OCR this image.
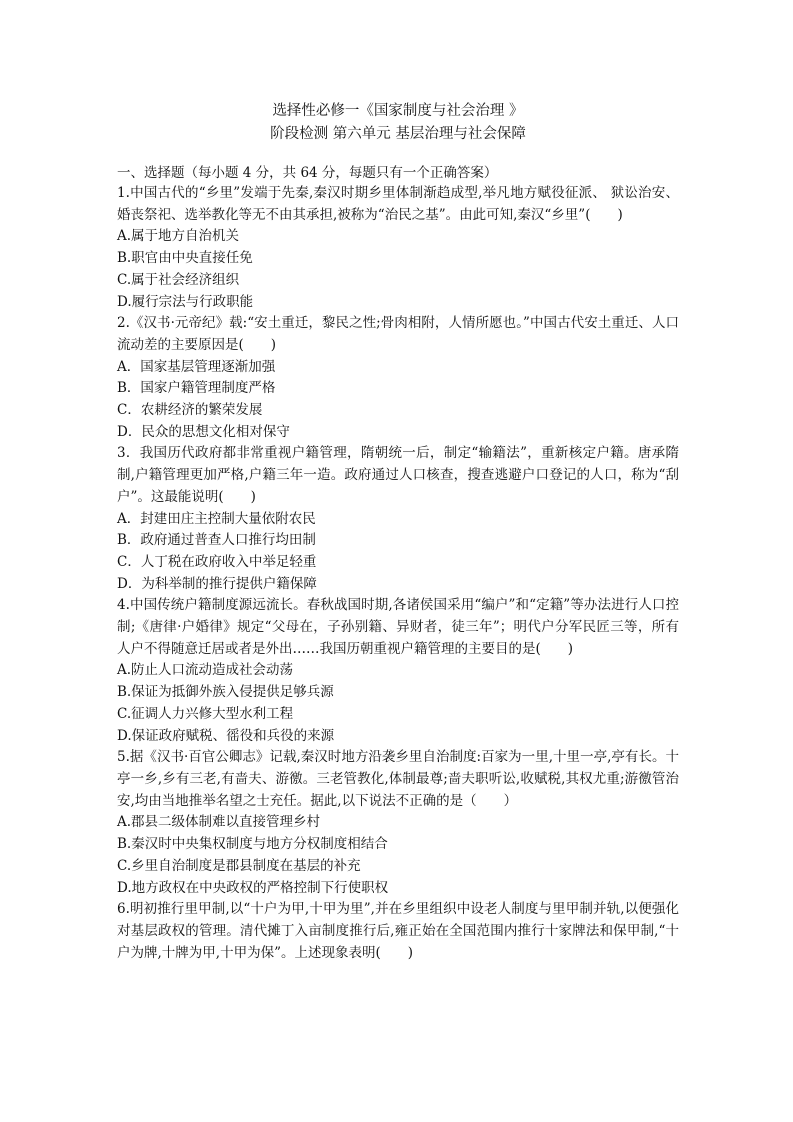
选择性必修一《国家制度与社会治理 》

阶段检测 第六单元 基层治理与社会保障

一、选择题（每小题 4 分，共 64 分，每题只有一个正确答案）

1.中国古代的“乡里”发端于先秦,秦汉时期乡里体制渐趋成型,举凡地方赋役征派、 狱讼治安、 婚丧祭祀、选举教化等无不由其承担,被称为“治民之基”。由此可知,秦汉“乡里”(　　)

A.属于地方自治机关

B.职官由中央直接任免

C.属于社会经济组织

D.履行宗法与行政职能

2.《汉书·元帝纪》载:“安土重迁，黎民之性;骨肉相附，人情所愿也。”中国古代安土重迁、人口流动差的主要原因是(　　)

A．国家基层管理逐渐加强

B．国家户籍管理制度严格

C．农耕经济的繁荣发展

D．民众的思想文化相对保守

3．我国历代政府都非常重视户籍管理，隋朝统一后，制定“输籍法”，重新核定户籍。唐承隋制,户籍管理更加严格,户籍三年一造。政府通过人口核查，搜查逃避户口登记的人口，称为“刮户”。这最能说明(　　)

A．封建田庄主控制大量依附农民

B．政府通过普查人口推行均田制

C．人丁税在政府收入中举足轻重

D．为科举制的推行提供户籍保障

4.中国传统户籍制度源远流长。春秋战国时期,各诸侯国采用“编户”和“定籍”等办法进行人口控制;《唐律·户婚律》规定“父母在，子孙别籍、异财者，徒三年”；明代户分军民匠三等，所有人户不得随意迁居或者是外出……我国历朝重视户籍管理的主要目的是(　　)

A.防止人口流动造成社会动荡

B.保证为抵御外族入侵提供足够兵源

C.征调人力兴修大型水利工程

D.保证政府赋税、徭役和兵役的来源

5.据《汉书·百官公卿志》记载,秦汉时地方沿袭乡里自治制度:百家为一里,十里一亭,亭有长。十亭一乡,乡有三老,有啬夫、游徼。三老管教化,体制最尊;啬夫职听讼,收赋税,其权尤重;游徼管治安,均由当地推举名望之士充任。据此,以下说法不正确的是（　　）

A.郡县二级体制难以直接管理乡村

B.秦汉时中央集权制度与地方分权制度相结合

C.乡里自治制度是郡县制度在基层的补充

D.地方政权在中央政权的严格控制下行使职权

6.明初推行里甲制,以“十户为甲,十甲为里”,并在乡里组织中设老人制度与里甲制并轨,以便强化对基层政权的管理。清代摊丁入亩制度推行后,雍正始在全国范围内推行十家牌法和保甲制,“十户为牌,十牌为甲,十甲为保”。上述现象表明(　　)
